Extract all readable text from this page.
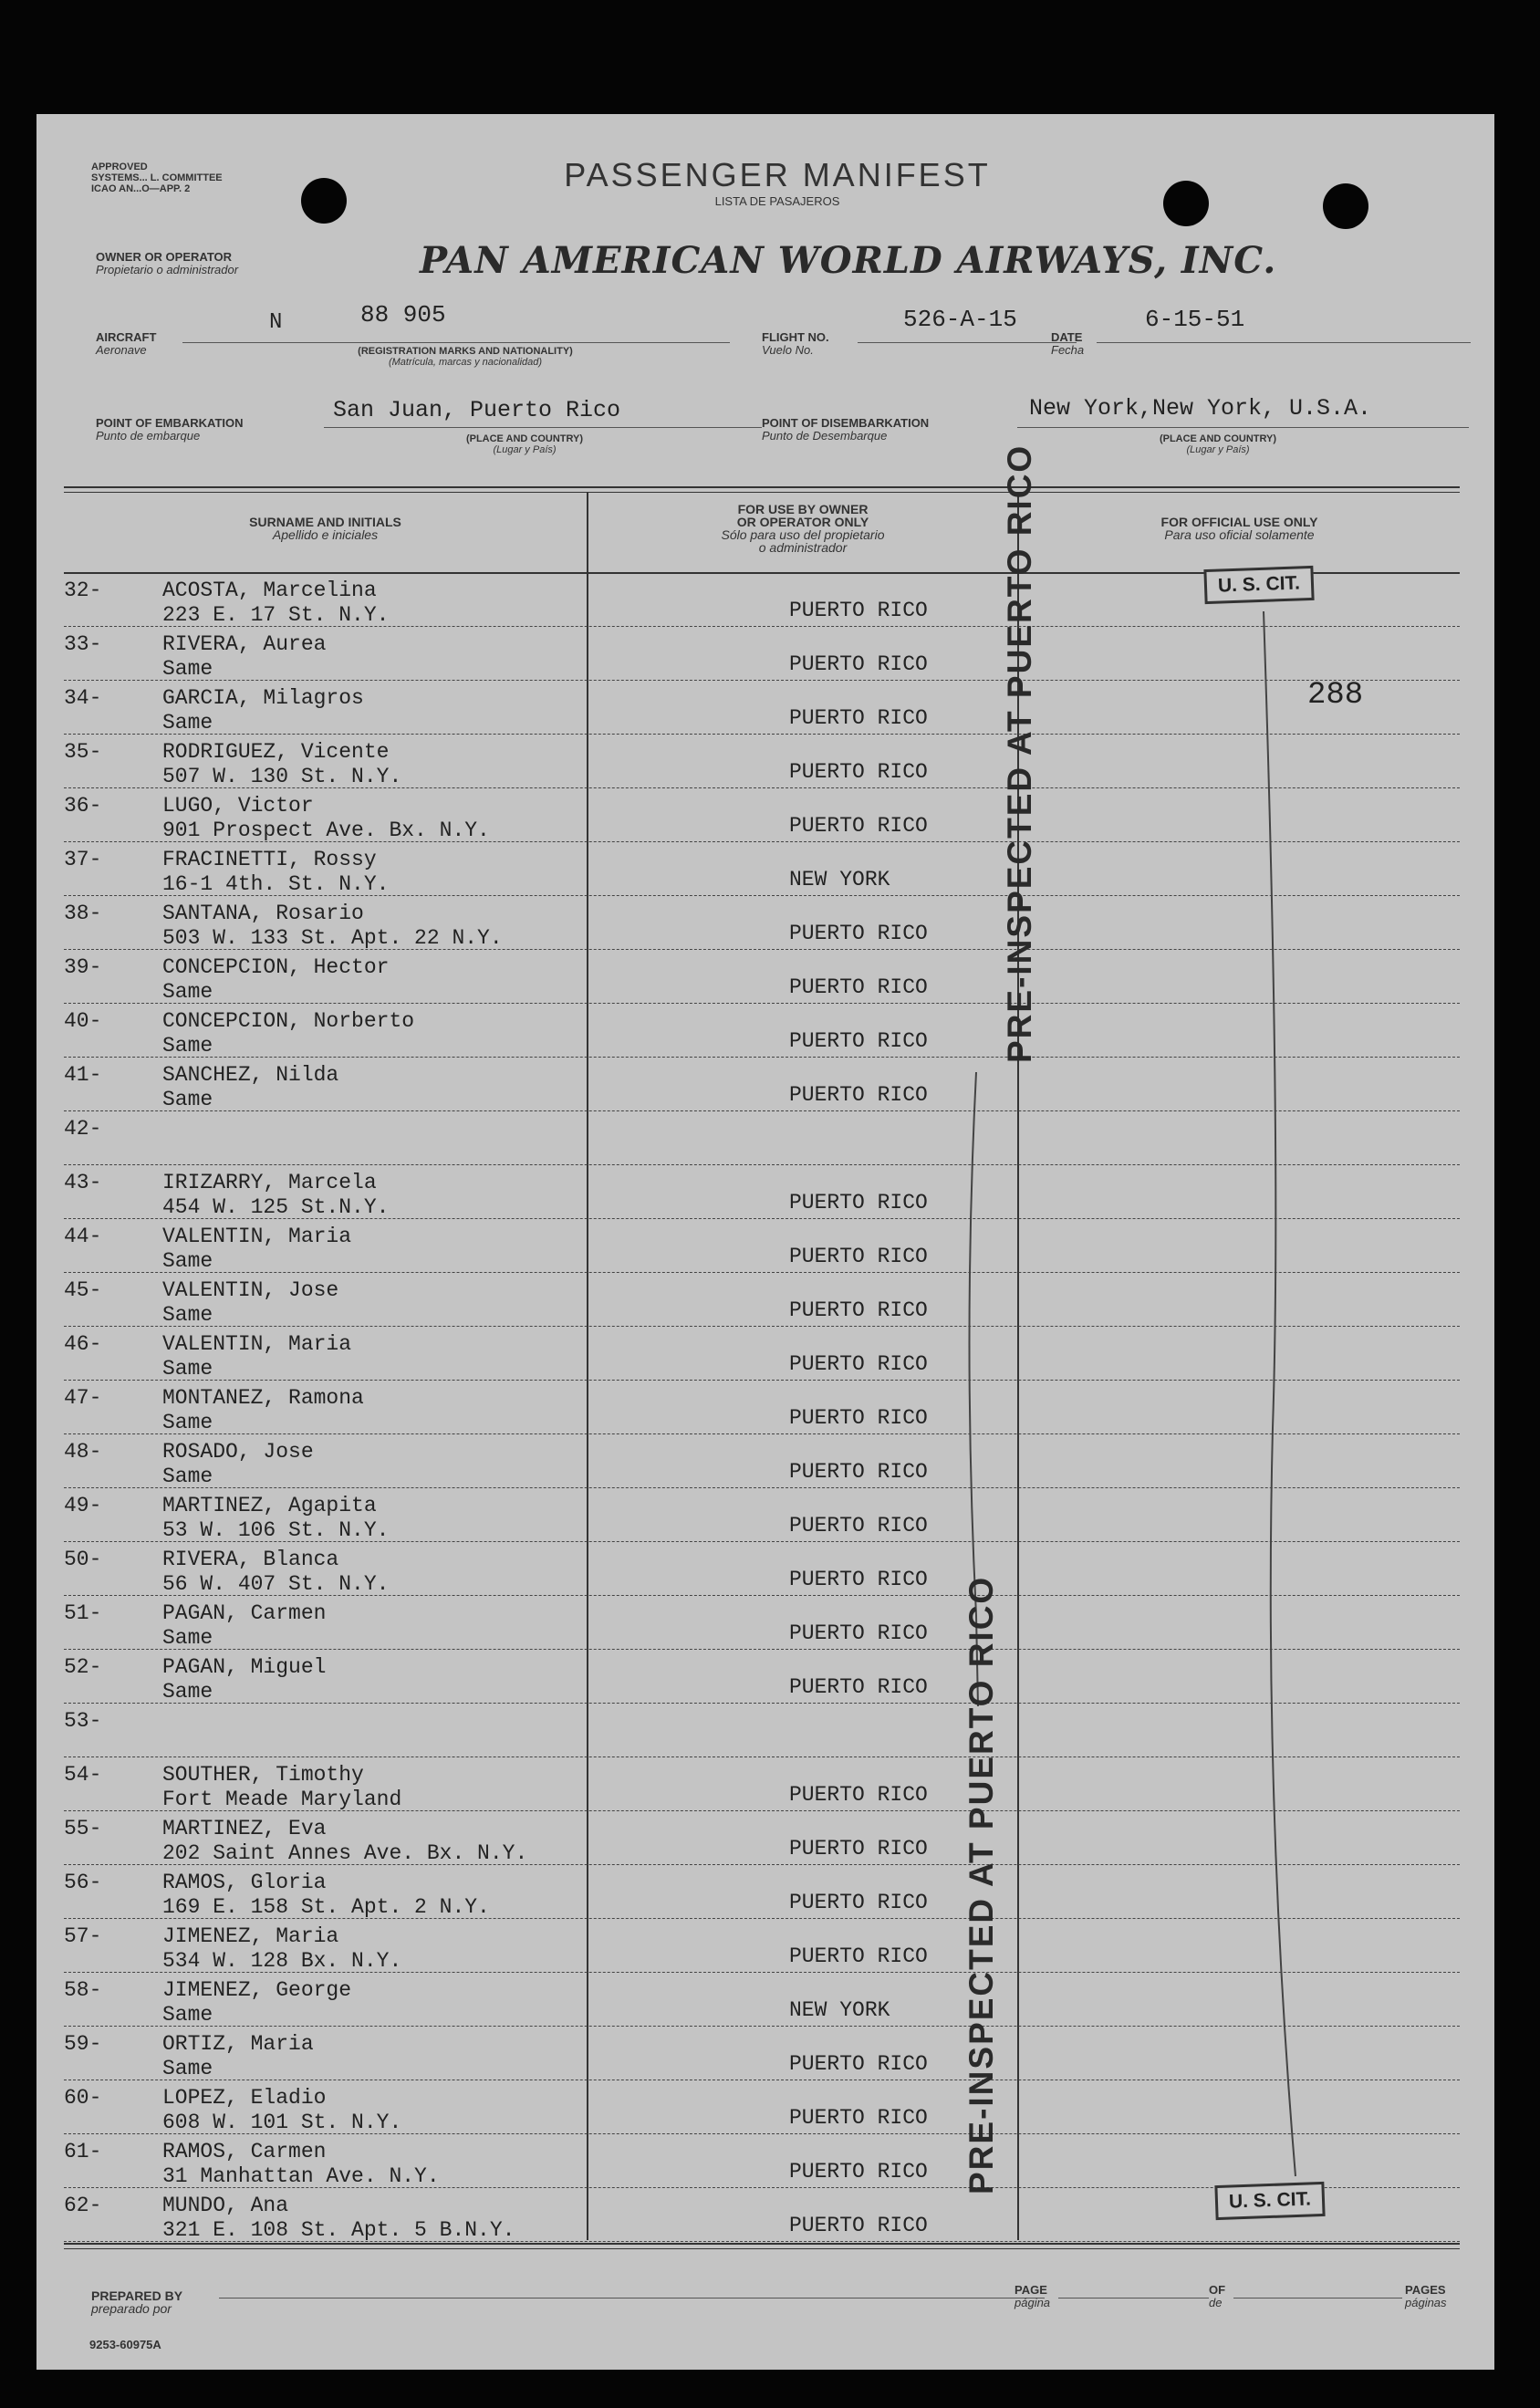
APPROVED
SYSTEMS... L. COMMITTEE
ICAO AN...O—APP. 2	PASSENGER MANIFEST
LISTA DE PASAJEROS
OWNER OR OPERATOR
Propietario o administrador	PAN AMERICAN WORLD AIRWAYS, INC.
AIRCRAFT
Aeronave
N	88 905
(REGISTRATION MARKS AND NATIONALITY)
(Matrícula, marcas y nacionalidad)
FLIGHT NO.
Vuelo No.
526-A-15
DATE
Fecha
6-15-51
POINT OF EMBARKATION
Punto de embarque
San Juan, Puerto Rico
(PLACE AND COUNTRY)
(Lugar y País)
POINT OF DISEMBARKATION
Punto de Desembarque
New York,New York, U.S.A.
(PLACE AND COUNTRY)
(Lugar y País)
SURNAME AND INITIALS
Apellido e iniciales
FOR USE BY OWNER
OR OPERATOR ONLY
Sólo para uso del propietario
o administrador
FOR OFFICIAL USE ONLY
Para uso oficial solamente
32-	ACOSTA, Marcelina
223 E. 17 St. N.Y.	PUERTO RICO
33-	RIVERA, Aurea
Same	PUERTO RICO
34-	GARCIA, Milagros
Same	PUERTO RICO
35-	RODRIGUEZ, Vicente
507 W. 130 St. N.Y.	PUERTO RICO
36-	LUGO, Victor
901 Prospect Ave. Bx. N.Y.	PUERTO RICO
37-	FRACINETTI, Rossy
16-1 4th. St. N.Y.	NEW YORK
38-	SANTANA, Rosario
503 W. 133 St. Apt. 22 N.Y.	PUERTO RICO
39-	CONCEPCION, Hector
Same	PUERTO RICO
40-	CONCEPCION, Norberto
Same	PUERTO RICO
41-	SANCHEZ, Nilda
Same	PUERTO RICO
42-
43-	IRIZARRY, Marcela
454 W. 125 St.N.Y.	PUERTO RICO
44-	VALENTIN, Maria
Same	PUERTO RICO
45-	VALENTIN, Jose
Same	PUERTO RICO
46-	VALENTIN, Maria
Same	PUERTO RICO
47-	MONTANEZ, Ramona
Same	PUERTO RICO
48-	ROSADO, Jose
Same	PUERTO RICO
49-	MARTINEZ, Agapita
53 W. 106 St. N.Y.	PUERTO RICO
50-	RIVERA, Blanca
56 W. 407 St. N.Y.	PUERTO RICO
51-	PAGAN, Carmen
Same	PUERTO RICO
52-	PAGAN, Miguel
Same	PUERTO RICO
53-
54-	SOUTHER, Timothy
Fort Meade Maryland	PUERTO RICO
55-	MARTINEZ, Eva
202 Saint Annes Ave. Bx. N.Y.	PUERTO RICO
56-	RAMOS, Gloria
169 E. 158 St. Apt. 2 N.Y.	PUERTO RICO
57-	JIMENEZ, Maria
534 W. 128 Bx. N.Y.	PUERTO RICO
58-	JIMENEZ, George
Same	NEW YORK
59-	ORTIZ, Maria
Same	PUERTO RICO
60-	LOPEZ, Eladio
608 W. 101 St. N.Y.	PUERTO RICO
61-	RAMOS, Carmen
31 Manhattan Ave. N.Y.	PUERTO RICO
62-	MUNDO, Ana
321 E. 108 St. Apt. 5 B.N.Y.	PUERTO RICO
U. S. CIT.
288
U. S. CIT.
PRE-INSPECTED AT PUERTO RICO
PRE-INSPECTED AT PUERTO RICO
PREPARED BY
preparado por
PAGE
página
OF
de
PAGES
páginas
9253-60975A
